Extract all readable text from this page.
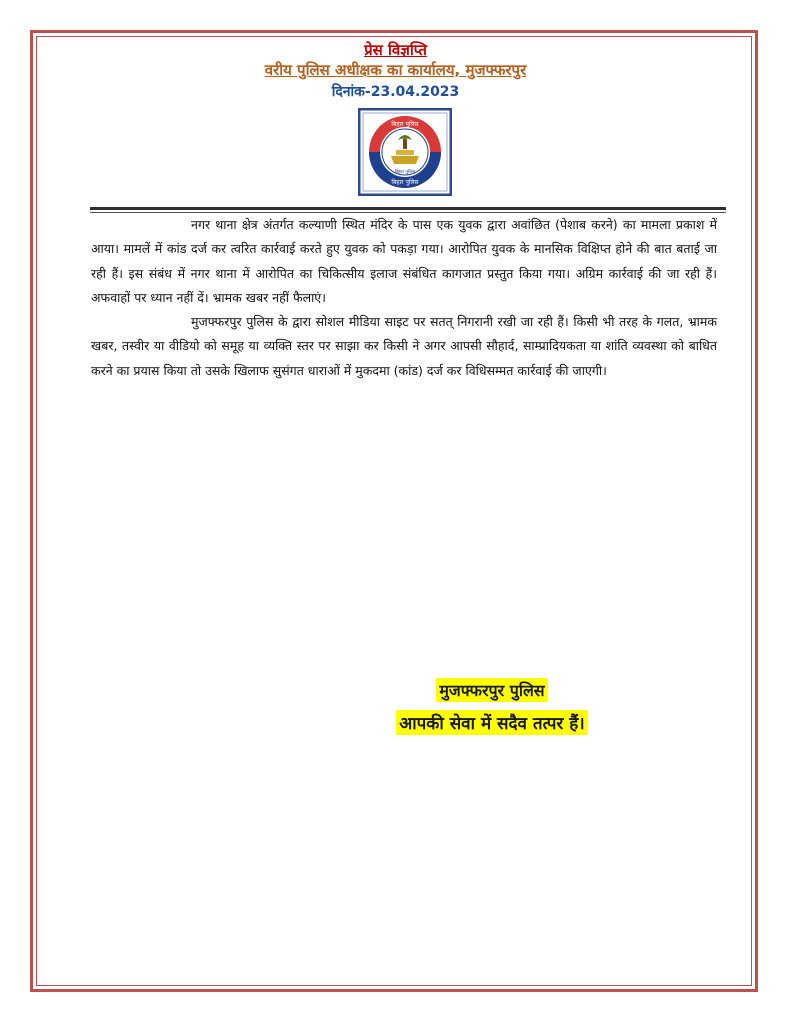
प्रेस विज्ञप्ति
वरीय पुलिस अधीक्षक का कार्यालय, मुजफ्फरपुर
दिनांक-23.04.2023
बिहार पुलिस
बिहार पुलिस
बिहार पुलिस

नगर थाना क्षेत्र अंतर्गत कल्याणी स्थित मंदिर के पास एक युवक द्वारा अवांछित (पेशाब करने) का मामला प्रकाश में आया। मामलें में कांड दर्ज कर त्वरित कार्रवाई करते हुए युवक को पकड़ा गया। आरोपित युवक के मानसिक विक्षिप्त होने की बात बताई जा रही हैं। इस संबंध में नगर थाना में आरोपित का चिकित्सीय इलाज संबंधित कागजात प्रस्तुत किया गया। अग्रिम कार्रवाई की जा रही हैं। अफवाहों पर ध्यान नहीं दें। भ्रामक खबर नहीं फैलाएं।

मुजफ्फरपुर पुलिस के द्वारा सोशल मीडिया साइट पर सतत् निगरानी रखी जा रही हैं। किसी भी तरह के गलत, भ्रामक खबर, तस्वीर या वीडियो को समूह या व्यक्ति स्तर पर साझा कर किसी ने अगर आपसी सौहार्द, साम्प्रादियकता या शांति व्यवस्था को बाधित करने का प्रयास किया तो उसके खिलाफ सुसंगत धाराओं में मुकदमा (कांड) दर्ज कर विधिसम्मत कार्रवाई की जाएगी।

मुजफ्फरपुर पुलिस
आपकी सेवा में सदैव तत्पर हैं।
